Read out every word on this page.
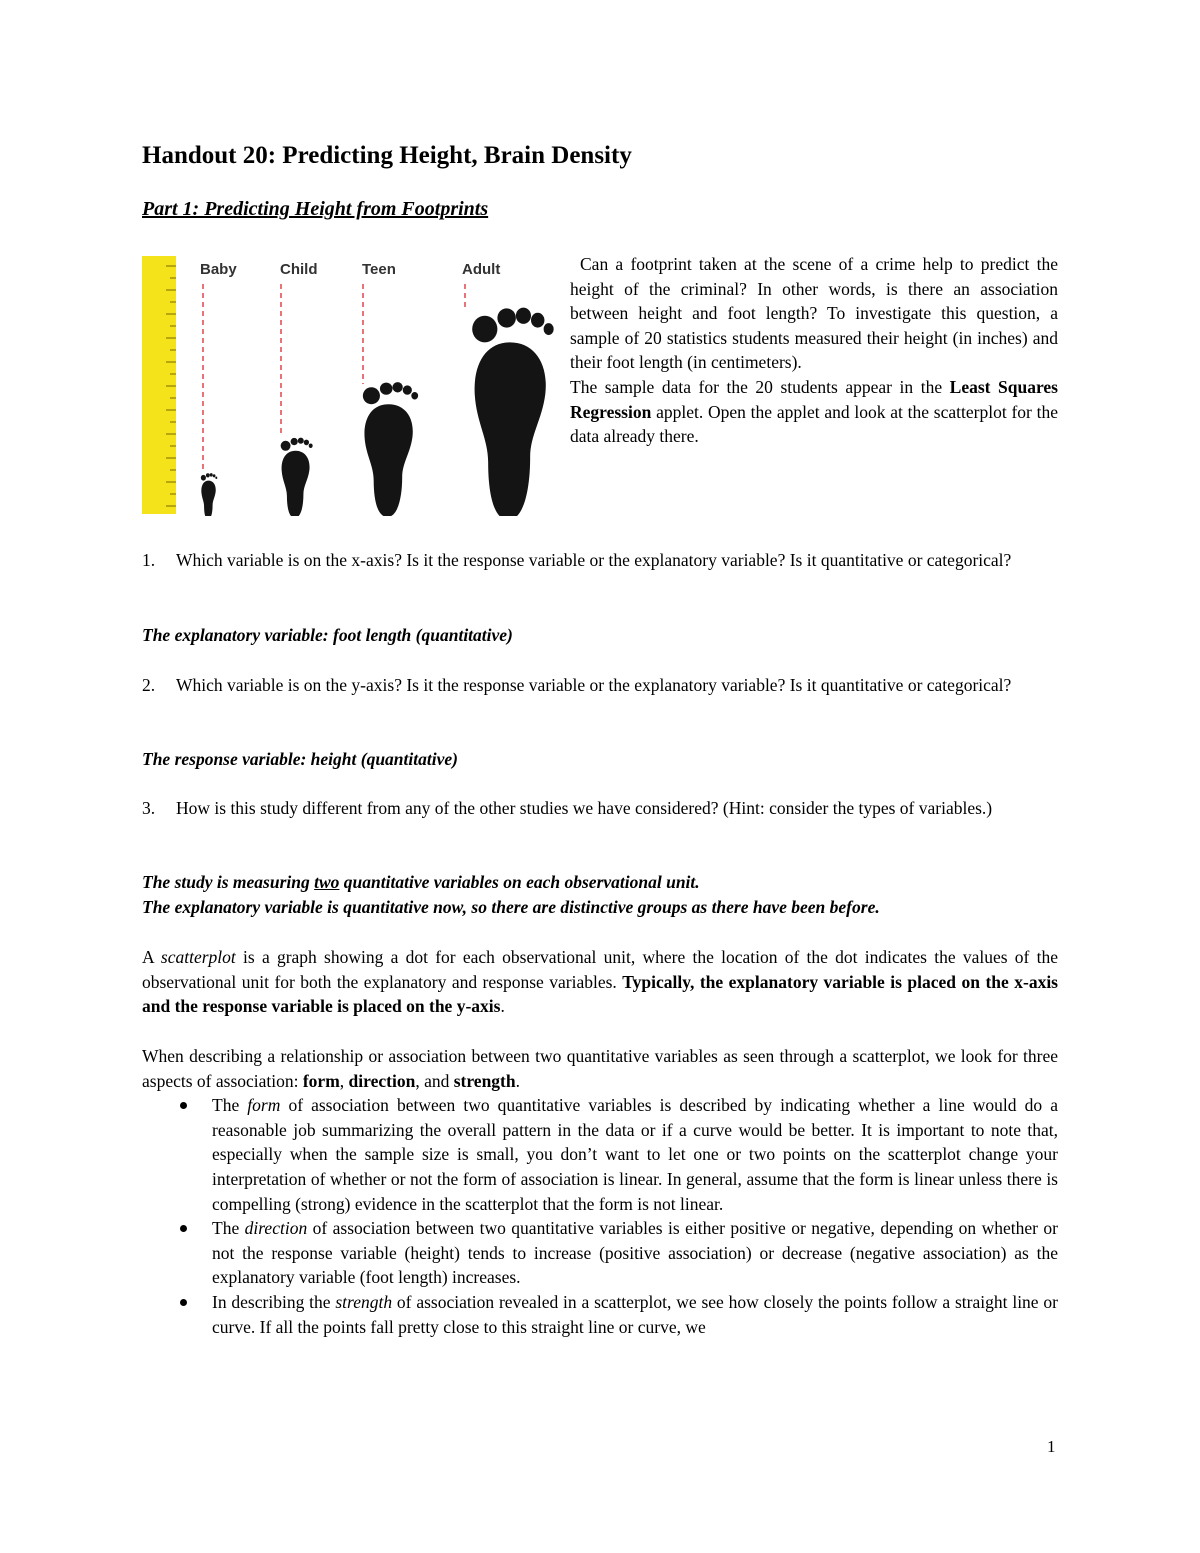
Handout 20: Predicting Height, Brain Density
Part 1: Predicting Height from Footprints
Baby	Child	Teen	Adult	Can a footprint taken at the scene of a crime help to predict the height of the criminal? In other words, is there an association between height and foot length? To investigate this question, a sample of 20 statistics students measured their height (in inches) and their foot length (in centimeters).

The sample data for the 20 students appear in the Least Squares Regression applet. Open the applet and look at the scatterplot for the data already there.

1.	Which variable is on the x-axis? Is it the response variable or the explanatory variable? Is it quantitative or categorical?
The explanatory variable: foot length (quantitative)
2.	Which variable is on the y-axis? Is it the response variable or the explanatory variable? Is it quantitative or categorical?
The response variable: height (quantitative)
3.	How is this study different from any of the other studies we have considered? (Hint: consider the types of variables.)
The study is measuring two quantitative variables on each observational unit.
The explanatory variable is quantitative now, so there are distinctive groups as there have been before.

A scatterplot is a graph showing a dot for each observational unit, where the location of the dot indicates the values of the observational unit for both the explanatory and response variables. Typically, the explanatory variable is placed on the x-axis and the response variable is placed on the y-axis.

When describing a relationship or association between two quantitative variables as seen through a scatterplot, we look for three aspects of association: form, direction, and strength.

The form of association between two quantitative variables is described by indicating whether a line would do a reasonable job summarizing the overall pattern in the data or if a curve would be better. It is important to note that, especially when the sample size is small, you don’t want to let one or two points on the scatterplot change your interpretation of whether or not the form of association is linear. In general, assume that the form is linear unless there is compelling (strong) evidence in the scatterplot that the form is not linear.
The direction of association between two quantitative variables is either positive or negative, depending on whether or not the response variable (height) tends to increase (positive association) or decrease (negative association) as the explanatory variable (foot length) increases.
In describing the strength of association revealed in a scatterplot, we see how closely the points follow a straight line or curve. If all the points fall pretty close to this straight line or curve, we
1
